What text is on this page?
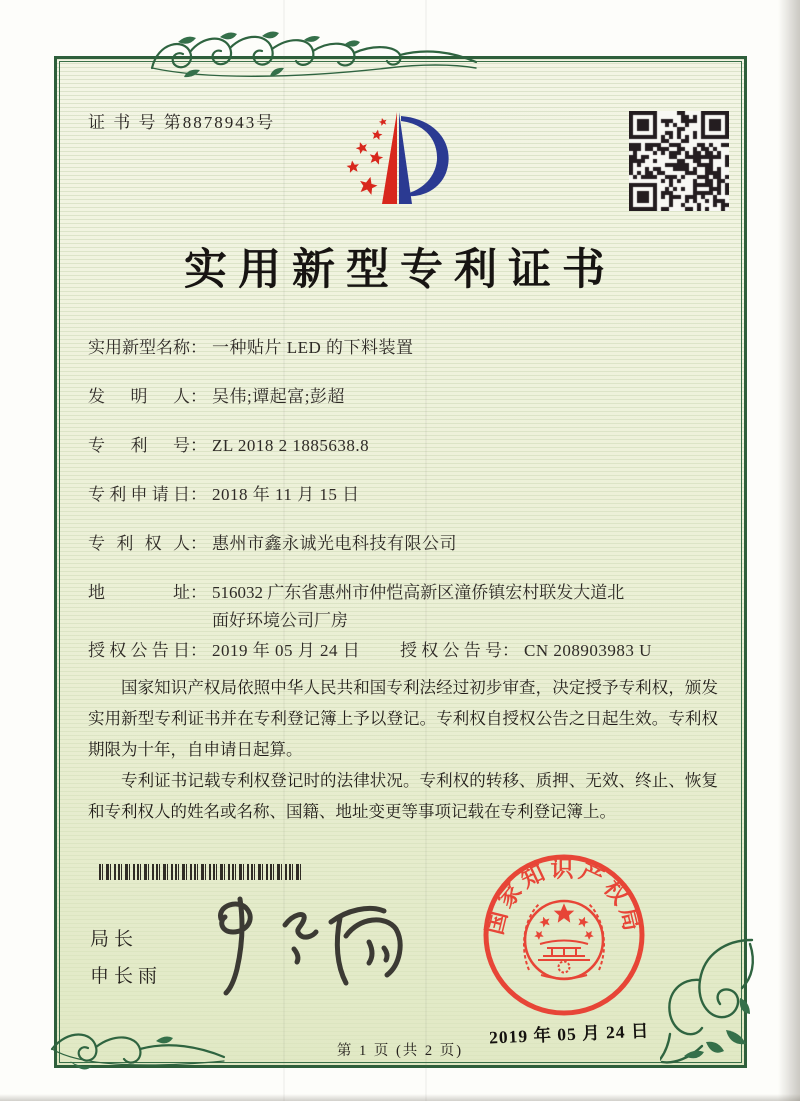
证 书 号 第8878943号
实用新型专利证书
实用新型名称： 一种贴片 LED 的下料装置
发明人： 吴伟;谭起富;彭超
专利号： ZL 2018 2 1885638.8
专利申请日： 2018 年 11 月 15 日
专利权人： 惠州市鑫永诚光电科技有限公司
地址： 516032 广东省惠州市仲恺高新区潼侨镇宏村联发大道北
面好环境公司厂房
授权公告日： 2019 年 05 月 24 日 授权公告号： CN 208903983 U

国家知识产权局依照中华人民共和国专利法经过初步审查，决定授予专利权，颁发实用新型专利证书并在专利登记簿上予以登记。专利权自授权公告之日起生效。专利权期限为十年，自申请日起算。

专利证书记载专利权登记时的法律状况。专利权的转移、质押、无效、终止、恢复和专利权人的姓名或名称、国籍、地址变更等事项记载在专利登记簿上。

局长
申长雨
国家知识产权局
2019 年 05 月 24 日
第 1 页 (共 2 页)
